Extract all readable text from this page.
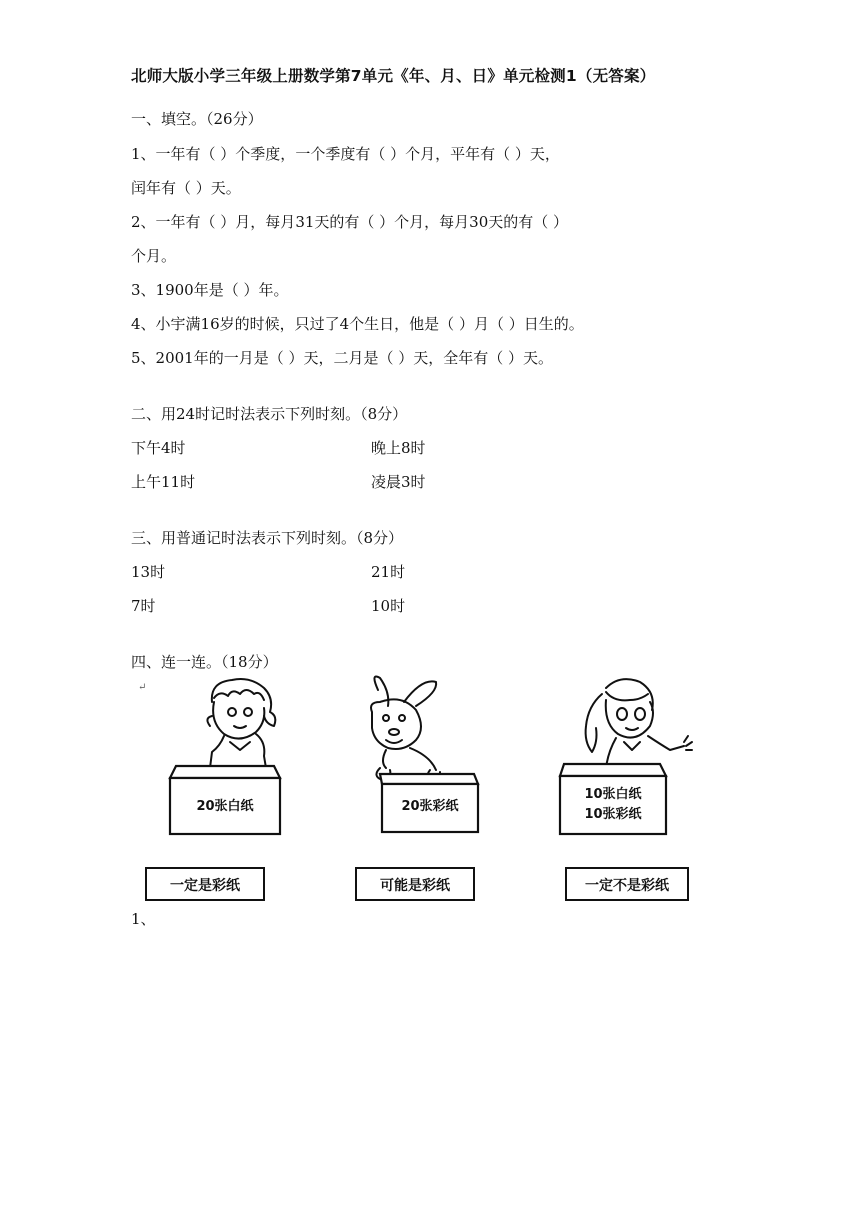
北师大版小学三年级上册数学第7单元《年、月、日》单元检测1（无答案）
一、填空。（26分）
1、一年有（ ）个季度，一个季度有（ ）个月，平年有（ ）天，
闰年有（ ）天。
2、一年有（ ）月，每月31天的有（ ）个月，每月30天的有（ ）
个月。
3、1900年是（ ）年。
4、小宇满16岁的时候，只过了4个生日，他是（ ）月（ ）日生的。
5、2001年的一月是（ ）天，二月是（ ）天，全年有（ ）天。
二、用24时记时法表示下列时刻。（8分）
下午4时	晚上8时
上午11时	凌晨3时
三、用普通记时法表示下列时刻。（8分）
13时	21时
7时	10时
四、连一连。（18分）
↵
20张白纸	20张彩纸
10张白纸
10张彩纸
一定是彩纸	可能是彩纸	一定不是彩纸
1、
